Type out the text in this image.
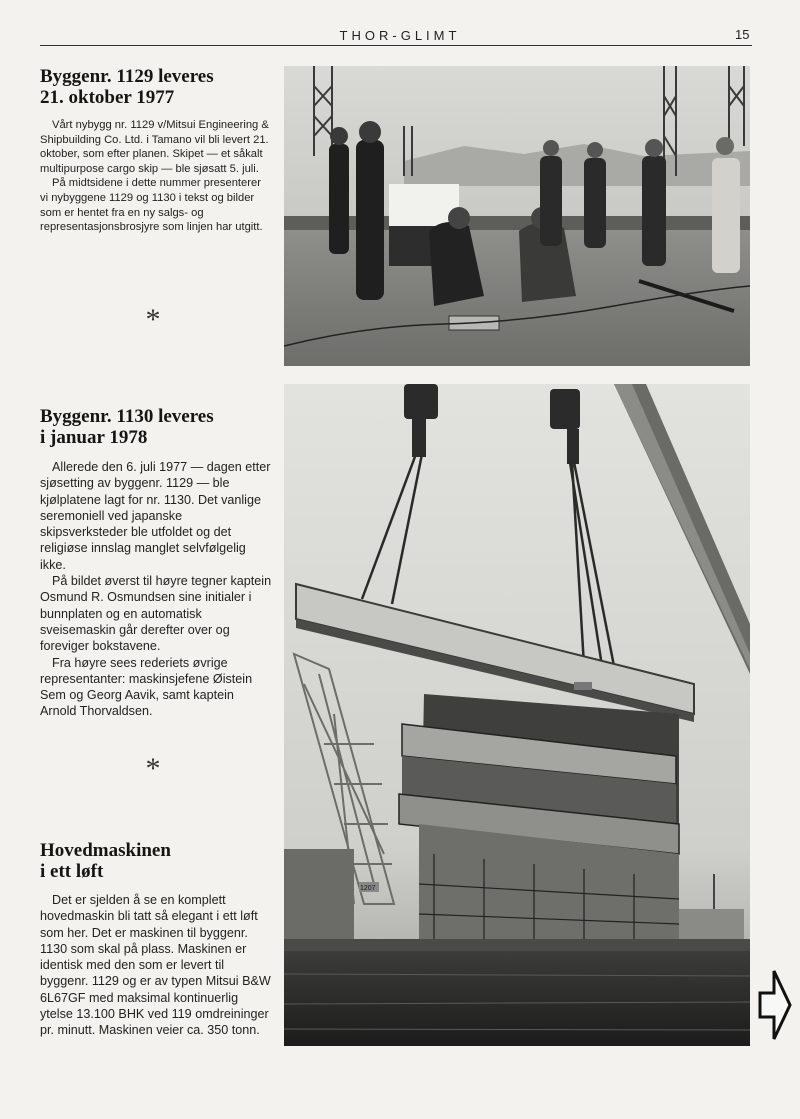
THOR-GLIMT	15
Byggenr. 1129 leveres
21. oktober 1977

Vårt nybygg nr. 1129 v/Mitsui Engineering & Shipbuilding Co. Ltd. i Tamano vil bli levert 21. oktober, som efter planen. Skipet — et såkalt multipurpose cargo skip — ble sjøsatt 5. juli.

På midtsidene i dette nummer presenterer vi nybyggene 1129 og 1130 i tekst og bilder som er hentet fra en ny salgs- og representasjonsbrosjyre som linjen har utgitt.

*
Byggenr. 1130 leveres
i januar 1978

Allerede den 6. juli 1977 — dagen etter sjøsetting av byggenr. 1129 — ble kjølplatene lagt for nr. 1130. Det vanlige seremoniell ved japanske skipsverksteder ble utfoldet og det religiøse innslag manglet selvfølgelig ikke.

På bildet øverst til høyre tegner kaptein Osmund R. Osmundsen sine initialer i bunnplaten og en automatisk sveisemaskin går derefter over og foreviger bokstavene.

Fra høyre sees rederiets øvrige representanter: maskinsjefene Øistein Sem og Georg Aavik, samt kaptein Arnold Thorvaldsen.

*
Hovedmaskinen
i ett løft

Det er sjelden å se en komplett hovedmaskin bli tatt så elegant i ett løft som her. Det er maskinen til byggenr. 1130 som skal på plass. Maskinen er identisk med den som er levert til byggenr. 1129 og er av typen Mitsui B&W 6L67GF med maksimal kontinuerlig ytelse 13.100 BHK ved 119 omdreininger pr. minutt. Maskinen veier ca. 350 tonn.

1207
